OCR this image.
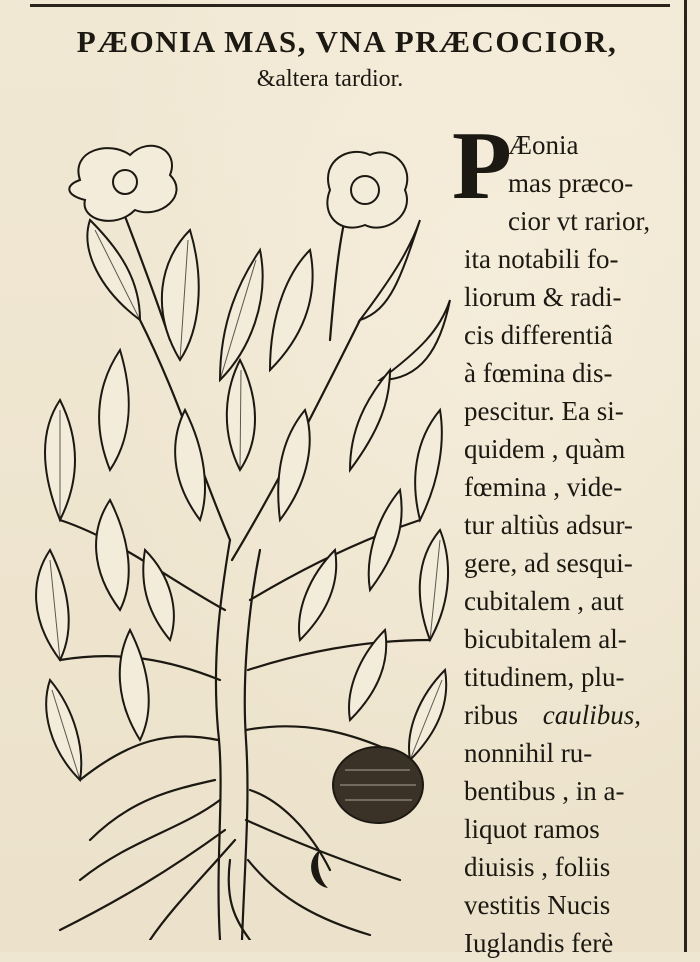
PÆONIA MAS, VNA PRÆCOCIOR,
&altera tardior.
P
Æonia
mas præco-
cior vt rarior,
ita notabili fo-
liorum & radi-
cis differentiâ
à fœmina dis-
pescitur. Ea si-
quidem , quàm
fœmina , vide-
tur altiùs adsur-
gere, ad sesqui-
cubitalem , aut
bicubitalem al-
titudinem, plu-
ribus caulibus,
nonnihil ru-
bentibus , in a-
liquot ramos
diuisis , foliis
vestitis Nucis
Iuglandis ferè
